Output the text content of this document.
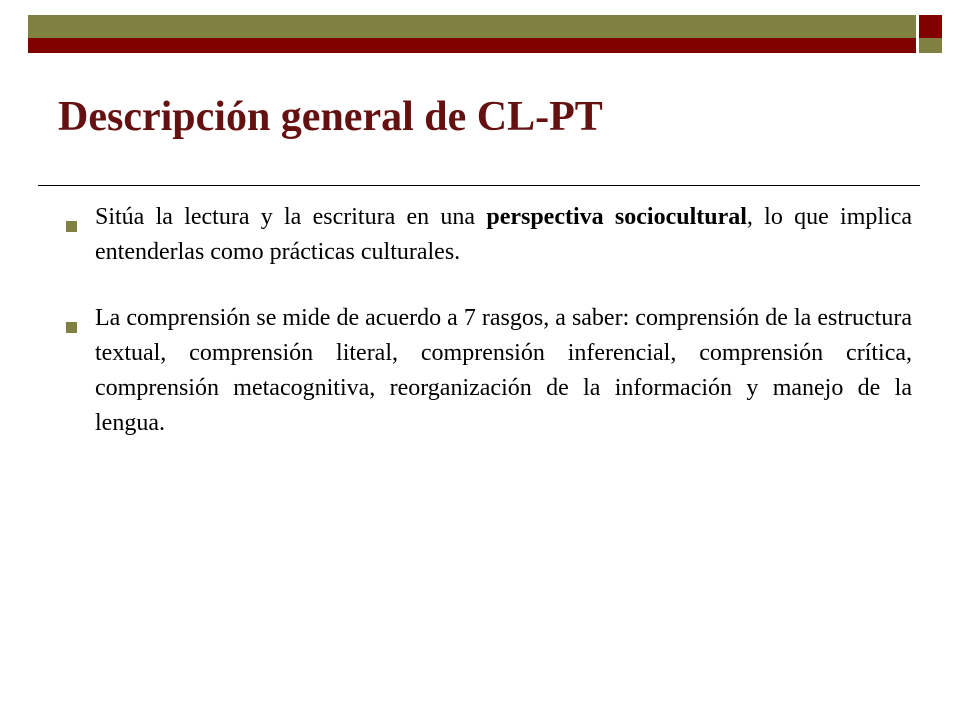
Descripción general de CL-PT
Sitúa la lectura y la escritura en una perspectiva sociocultural, lo que implica entenderlas como prácticas culturales.
La comprensión se mide de acuerdo a 7 rasgos, a saber: comprensión de la estructura textual, comprensión literal, comprensión inferencial, comprensión crítica, comprensión metacognitiva, reorganización de la información y manejo de la lengua.
